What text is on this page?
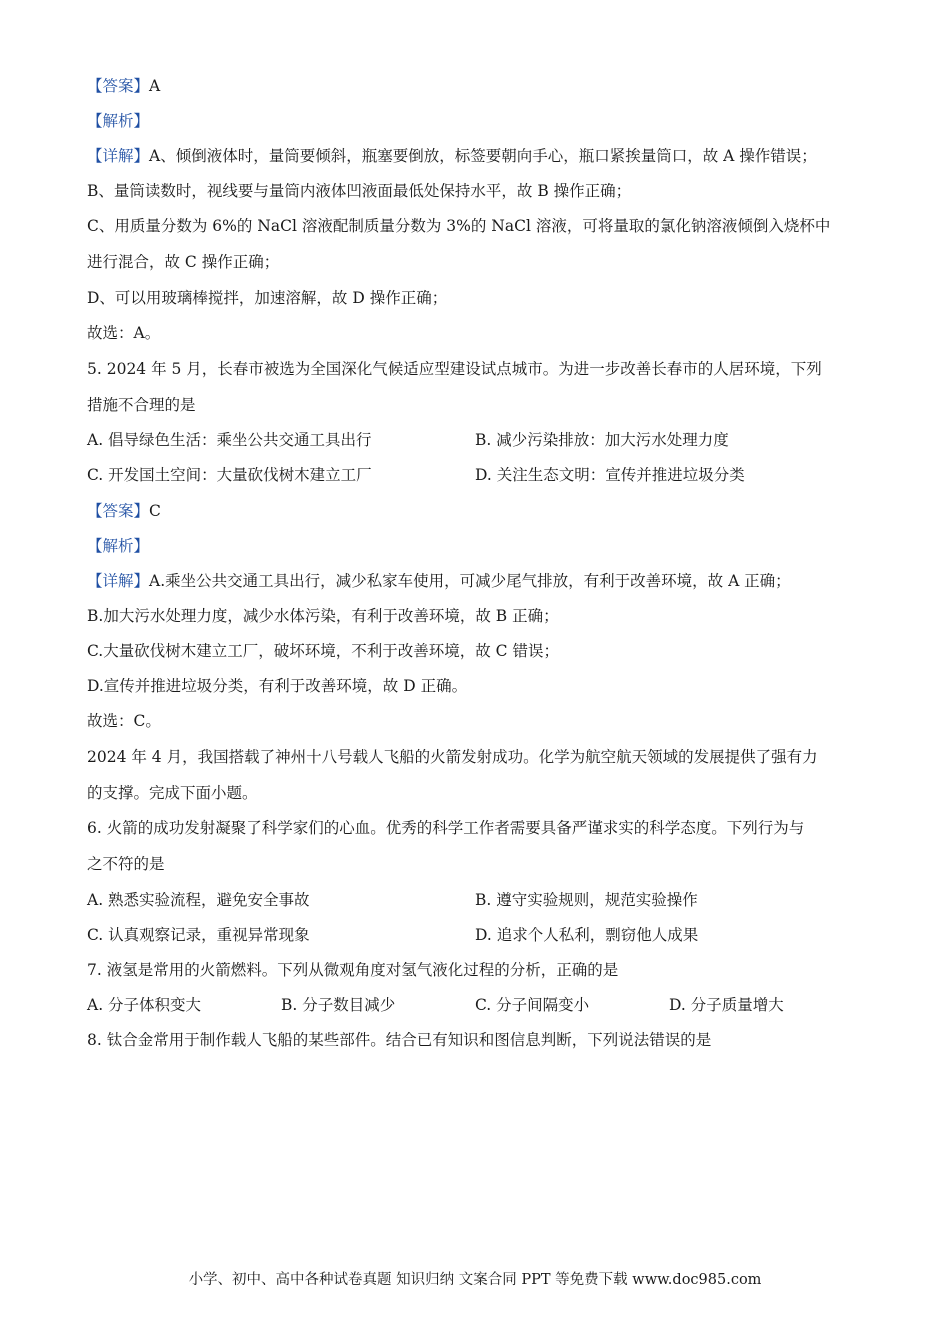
【答案】A
【解析】
【详解】A、倾倒液体时，量筒要倾斜，瓶塞要倒放，标签要朝向手心，瓶口紧挨量筒口，故 A 操作错误；
B、量筒读数时，视线要与量筒内液体凹液面最低处保持水平，故 B 操作正确；
C、用质量分数为 6%的 NaCl 溶液配制质量分数为 3%的 NaCl 溶液，可将量取的氯化钠溶液倾倒入烧杯中
进行混合，故 C 操作正确；
D、可以用玻璃棒搅拌，加速溶解，故 D 操作正确；
故选：A。
5. 2024 年 5 月，长春市被选为全国深化气候适应型建设试点城市。为进一步改善长春市的人居环境，下列
措施不合理的是
A. 倡导绿色生活：乘坐公共交通工具出行	B. 减少污染排放：加大污水处理力度
C. 开发国土空间：大量砍伐树木建立工厂	D. 关注生态文明：宣传并推进垃圾分类
【答案】C
【解析】
【详解】A.乘坐公共交通工具出行，减少私家车使用，可减少尾气排放，有利于改善环境，故 A 正确；
B.加大污水处理力度，减少水体污染，有利于改善环境，故 B 正确；
C.大量砍伐树木建立工厂，破坏环境，不利于改善环境，故 C 错误；
D.宣传并推进垃圾分类，有利于改善环境，故 D 正确。
故选：C。
2024 年 4 月，我国搭载了神州十八号载人飞船的火箭发射成功。化学为航空航天领域的发展提供了强有力
的支撑。完成下面小题。
6. 火箭的成功发射凝聚了科学家们的心血。优秀的科学工作者需要具备严谨求实的科学态度。下列行为与
之不符的是
A. 熟悉实验流程，避免安全事故	B. 遵守实验规则，规范实验操作
C. 认真观察记录，重视异常现象	D. 追求个人私利，剽窃他人成果
7. 液氢是常用的火箭燃料。下列从微观角度对氢气液化过程的分析，正确的是
A. 分子体积变大	B. 分子数目减少	C. 分子间隔变小	D. 分子质量增大
8. 钛合金常用于制作载人飞船的某些部件。结合已有知识和图信息判断，下列说法错误的是
小学、初中、高中各种试卷真题 知识归纳 文案合同 PPT 等免费下载 www.doc985.com
